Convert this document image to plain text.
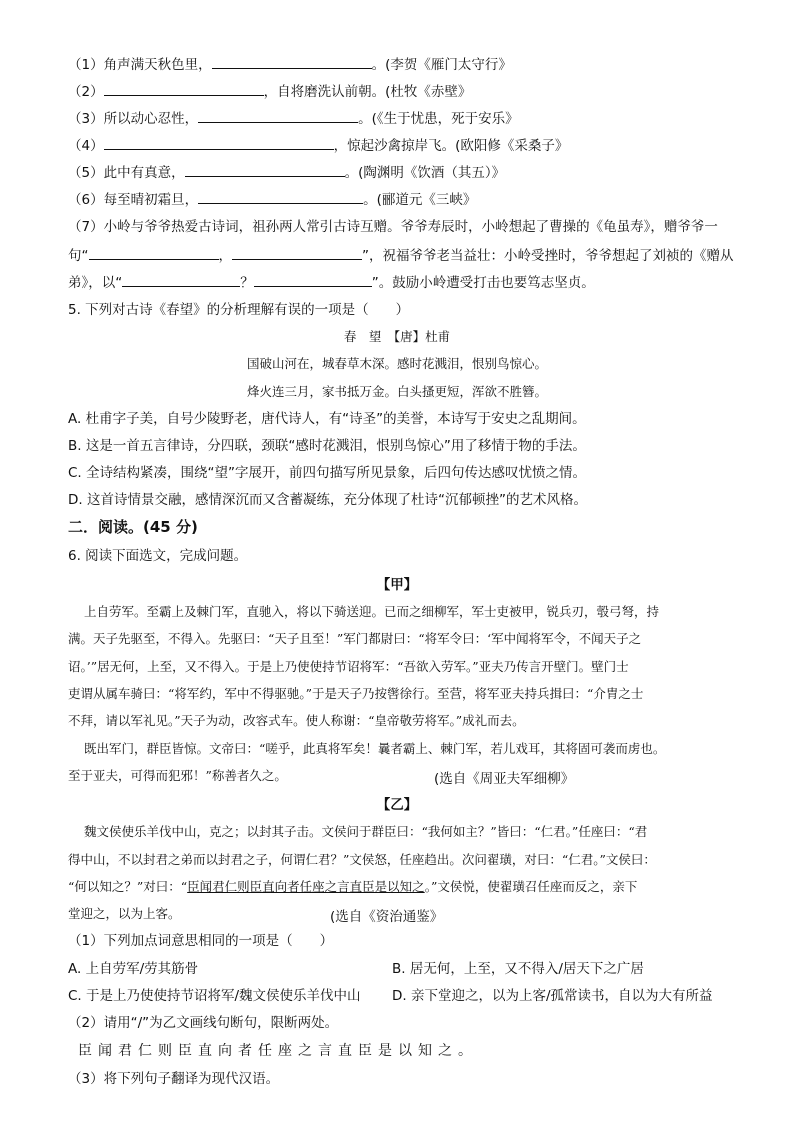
（1）角声满天秋色里，	。(李贺《雁门太守行》
（2）	，自将磨洗认前朝。(杜牧《赤壁》
（3）所以动心忍性，	。(《生于忧患，死于安乐》
（4）	，惊起沙禽掠岸飞。(欧阳修《采桑子》
（5）此中有真意，	。(陶渊明《饮酒（其五）》
（6）每至晴初霜旦，	。(郦道元《三峡》
（7）小岭与爷爷热爱古诗词，祖孙两人常引古诗互赠。爷爷寿辰时，小岭想起了曹操的《龟虽寿》，赠爷爷一
句“	，	”，祝福爷爷老当益壮：小岭受挫时，爷爷想起了刘祯的《赠从
弟》，以“	？	”。鼓励小岭遭受打击也要笃志坚贞。
5. 下列对古诗《春望》的分析理解有误的一项是（　　）
春　望　【唐】杜甫
国破山河在，城春草木深。感时花溅泪，恨别鸟惊心。
烽火连三月，家书抵万金。白头搔更短，浑欲不胜簪。
A. 杜甫字子美，自号少陵野老，唐代诗人，有“诗圣”的美誉，本诗写于安史之乱期间。
B. 这是一首五言律诗，分四联，颈联“感时花溅泪，恨别鸟惊心”用了移情于物的手法。
C. 全诗结构紧凑，围绕“望”字展开，前四句描写所见景象，后四句传达感叹忧愤之情。
D. 这首诗情景交融，感情深沉而又含蓄凝练，充分体现了杜诗“沉郁顿挫”的艺术风格。
二．阅读。(45 分)
6. 阅读下面选文，完成问题。
【甲】
上自劳军。至霸上及棘门军，直驰入，将以下骑送迎。已而之细柳军，军士吏被甲，锐兵刃，彀弓弩，持
满。天子先驱至，不得入。先驱曰：“天子且至！”军门都尉曰：“将军令曰：‘军中闻将军令，不闻天子之
诏。’”居无何，上至，又不得入。于是上乃使使持节诏将军：“吾欲入劳军。”亚夫乃传言开壁门。壁门士
吏谓从属车骑曰：“将军约，军中不得驱驰。”于是天子乃按辔徐行。至营，将军亚夫持兵揖曰：“介胄之士
不拜，请以军礼见。”天子为动，改容式车。使人称谢：“皇帝敬劳将军。”成礼而去。
既出军门，群臣皆惊。文帝曰：“嗟乎，此真将军矣！曩者霸上、棘门军，若儿戏耳，其将固可袭而虏也。
至于亚夫，可得而犯邪！”称善者久之。	(选自《周亚夫军细柳》
【乙】
魏文侯使乐羊伐中山，克之；以封其子击。文侯问于群臣曰：“我何如主？”皆曰：“仁君。”任座曰：“君
得中山，不以封君之弟而以封君之子，何谓仁君？”文侯怒，任座趋出。次问翟璜，对曰：“仁君。”文侯曰：
“何以知之？”对曰：“臣闻君仁则臣直向者任座之言直臣是以知之。”文侯悦，使翟璜召任座而反之，亲下
堂迎之，以为上客。	(选自《资治通鉴》
（1）下列加点词意思相同的一项是（　　）
A. 上自劳军/劳其筋骨	B. 居无何，上至，又不得入/居天下之广居
C. 于是上乃使使持节诏将军/魏文侯使乐羊伐中山 D. 亲下堂迎之，以为上客/孤常读书，自以为大有所益
（2）请用“/”为乙文画线句断句，限断两处。
臣闻君仁则臣直向者任座之言直臣是以知之。
（3）将下列句子翻译为现代汉语。
